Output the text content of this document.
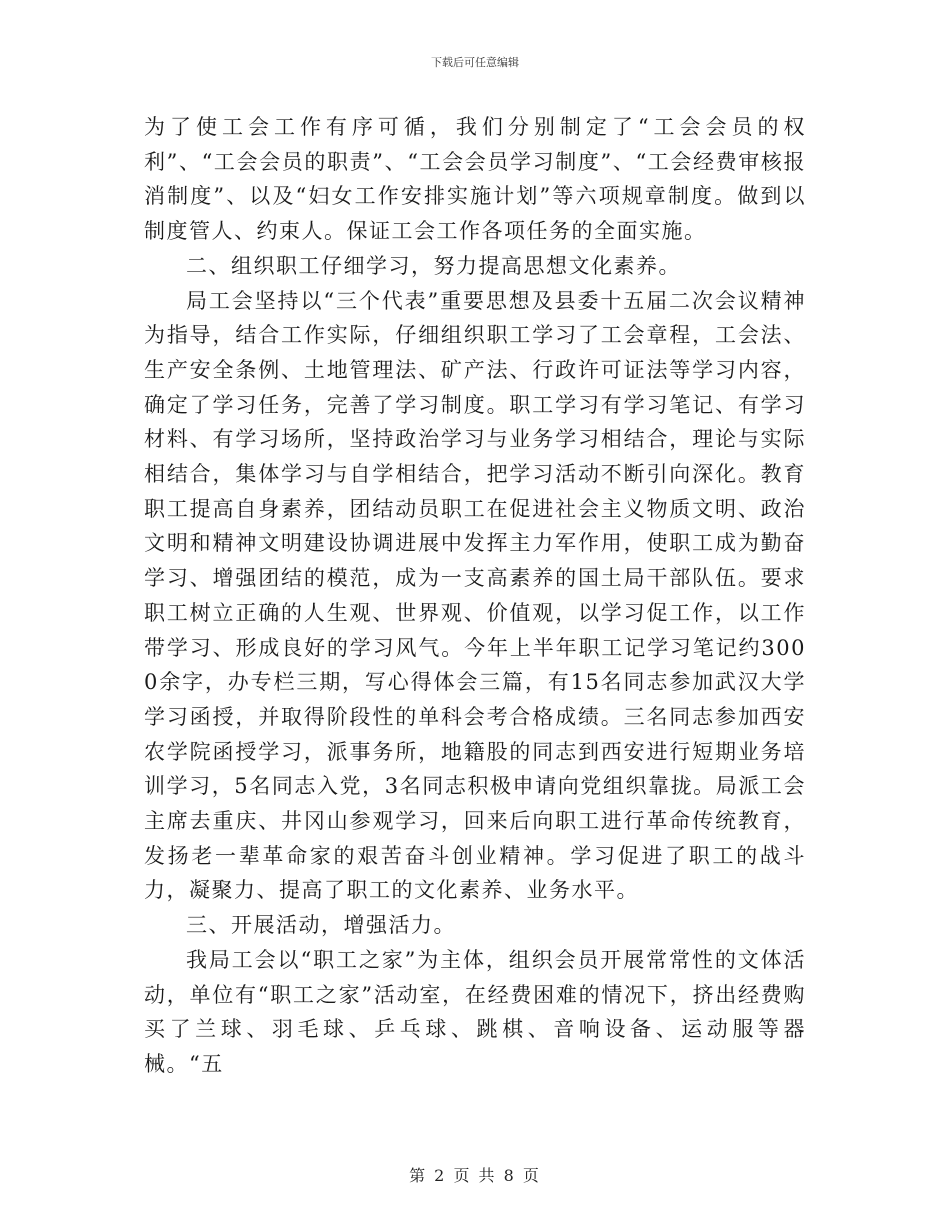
下载后可任意编辑

为了使工会工作有序可循，我们分别制定了“工会会员的权利”、“工会会员的职责”、“工会会员学习制度”、“工会经费审核报消制度”、以及“妇女工作安排实施计划”等六项规章制度。做到以制度管人、约束人。保证工会工作各项任务的全面实施。

二、组织职工仔细学习，努力提高思想文化素养。

局工会坚持以“三个代表”重要思想及县委十五届二次会议精神为指导，结合工作实际，仔细组织职工学习了工会章程，工会法、生产安全条例、土地管理法、矿产法、行政许可证法等学习内容，确定了学习任务，完善了学习制度。职工学习有学习笔记、有学习材料、有学习场所，坚持政治学习与业务学习相结合，理论与实际相结合，集体学习与自学相结合，把学习活动不断引向深化。教育职工提高自身素养，团结动员职工在促进社会主义物质文明、政治文明和精神文明建设协调进展中发挥主力军作用，使职工成为勤奋学习、增强团结的模范，成为一支高素养的国土局干部队伍。要求职工树立正确的人生观、世界观、价值观，以学习促工作，以工作带学习、形成良好的学习风气。今年上半年职工记学习笔记约3000余字，办专栏三期，写心得体会三篇，有15名同志参加武汉大学学习函授，并取得阶段性的单科会考合格成绩。三名同志参加西安农学院函授学习，派事务所，地籍股的同志到西安进行短期业务培训学习，5名同志入党，3名同志积极申请向党组织靠拢。局派工会主席去重庆、井冈山参观学习，回来后向职工进行革命传统教育，发扬老一辈革命家的艰苦奋斗创业精神。学习促进了职工的战斗力，凝聚力、提高了职工的文化素养、业务水平。

三、开展活动，增强活力。

我局工会以“职工之家”为主体，组织会员开展常常性的文体活动，单位有“职工之家”活动室，在经费困难的情况下，挤出经费购买了兰球、羽毛球、乒乓球、跳棋、音响设备、运动服等器械。“五

第 2 页 共 8 页
